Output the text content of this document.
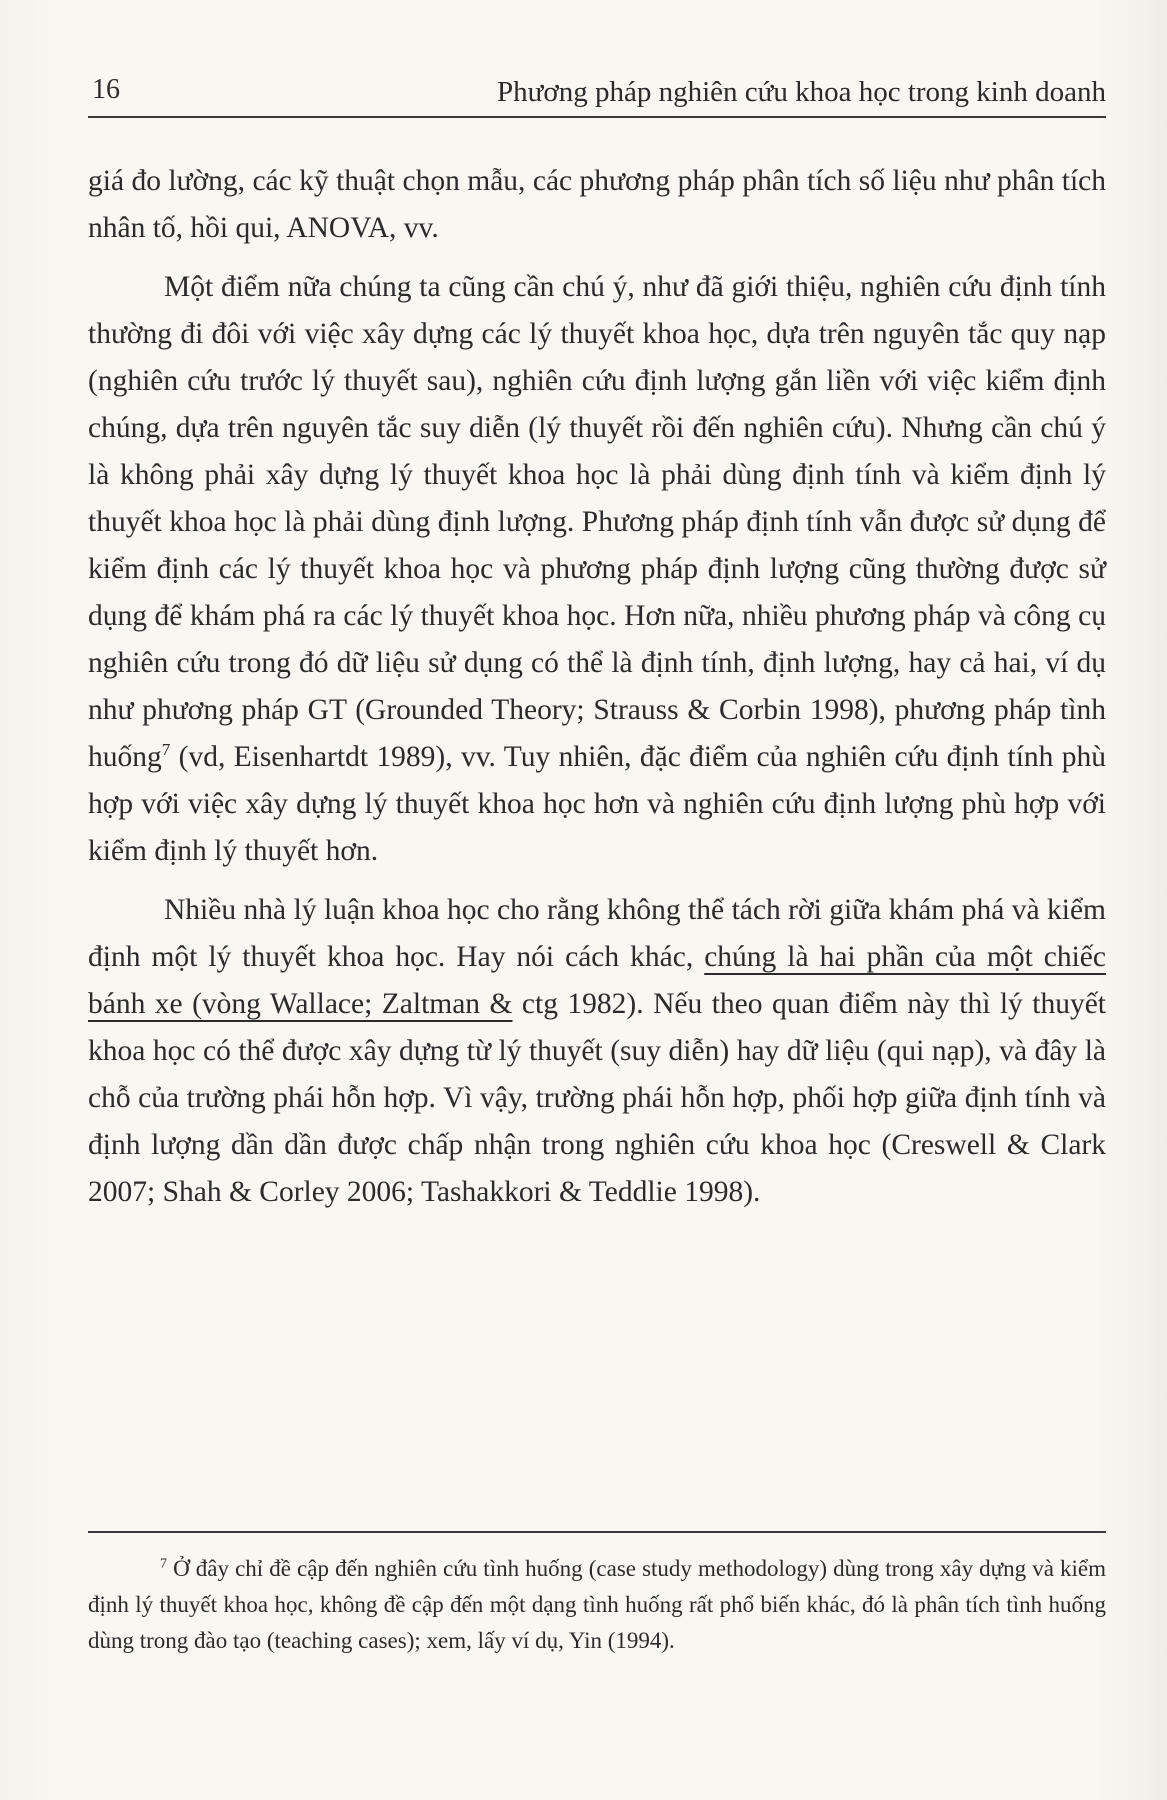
16	Phương pháp nghiên cứu khoa học trong kinh doanh

giá đo lường, các kỹ thuật chọn mẫu, các phương pháp phân tích số liệu như phân tích nhân tố, hồi qui, ANOVA, vv.

Một điểm nữa chúng ta cũng cần chú ý, như đã giới thiệu, nghiên cứu định tính thường đi đôi với việc xây dựng các lý thuyết khoa học, dựa trên nguyên tắc quy nạp (nghiên cứu trước lý thuyết sau), nghiên cứu định lượng gắn liền với việc kiểm định chúng, dựa trên nguyên tắc suy diễn (lý thuyết rồi đến nghiên cứu). Nhưng cần chú ý là không phải xây dựng lý thuyết khoa học là phải dùng định tính và kiểm định lý thuyết khoa học là phải dùng định lượng. Phương pháp định tính vẫn được sử dụng để kiểm định các lý thuyết khoa học và phương pháp định lượng cũng thường được sử dụng để khám phá ra các lý thuyết khoa học. Hơn nữa, nhiều phương pháp và công cụ nghiên cứu trong đó dữ liệu sử dụng có thể là định tính, định lượng, hay cả hai, ví dụ như phương pháp GT (Grounded Theory; Strauss & Corbin 1998), phương pháp tình huống$^7$ (vd, Eisenhartdt 1989), vv. Tuy nhiên, đặc điểm của nghiên cứu định tính phù hợp với việc xây dựng lý thuyết khoa học hơn và nghiên cứu định lượng phù hợp với kiểm định lý thuyết hơn.

Nhiều nhà lý luận khoa học cho rằng không thể tách rời giữa khám phá và kiểm định một lý thuyết khoa học. Hay nói cách khác, chúng là hai phần của một chiếc bánh xe (vòng Wallace; Zaltman & ctg 1982). Nếu theo quan điểm này thì lý thuyết khoa học có thể được xây dựng từ lý thuyết (suy diễn) hay dữ liệu (qui nạp), và đây là chỗ của trường phái hỗn hợp. Vì vậy, trường phái hỗn hợp, phối hợp giữa định tính và định lượng dần dần được chấp nhận trong nghiên cứu khoa học (Creswell & Clark 2007; Shah & Corley 2006; Tashakkori & Teddlie 1998).

$^7$ Ở đây chỉ đề cập đến nghiên cứu tình huống (case study methodology) dùng trong xây dựng và kiểm định lý thuyết khoa học, không đề cập đến một dạng tình huống rất phổ biến khác, đó là phân tích tình huống dùng trong đào tạo (teaching cases); xem, lấy ví dụ, Yin (1994).
